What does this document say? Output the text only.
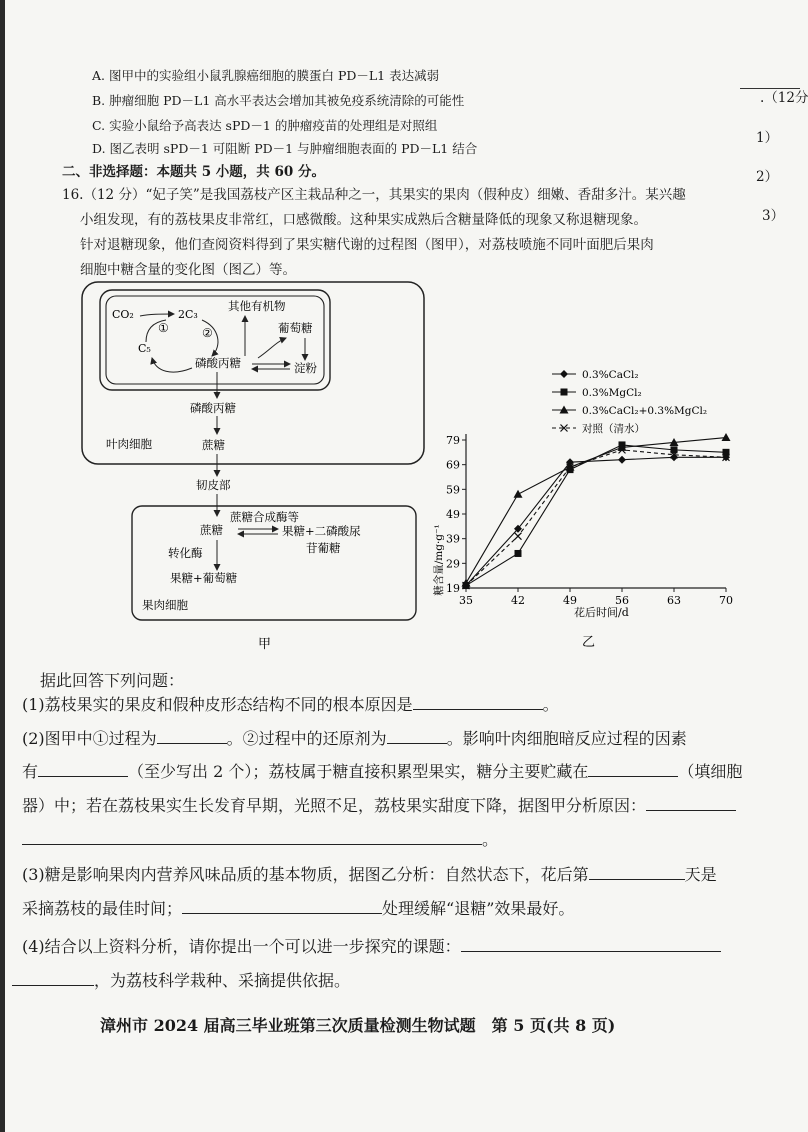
A. 图甲中的实验组小鼠乳腺癌细胞的膜蛋白 PD－L1 表达减弱
B. 肿瘤细胞 PD－L1 高水平表达会增加其被免疫系统清除的可能性
C. 实验小鼠给予高表达 sPD－1 的肿瘤疫苗的处理组是对照组
D. 图乙表明 sPD－1 可阻断 PD－1 与肿瘤细胞表面的 PD－L1 结合
二、非选择题：本题共 5 小题，共 60 分。
16.（12 分）“妃子笑”是我国荔枝产区主栽品种之一，其果实的果肉（假种皮）细嫩、香甜多汁。某兴趣
小组发现，有的荔枝果皮非常红，口感微酸。这种果实成熟后含糖量降低的现象又称退糖现象。
针对退糖现象，他们查阅资料得到了果实糖代谢的过程图（图甲），对荔枝喷施不同叶面肥后果肉
细胞中糖含量的变化图（图乙）等。
.（12分
1）
2）
3）
CO₂	2C₃
C₅
①	②
其他有机物
葡萄糖
磷酸丙糖	淀粉
磷酸丙糖
叶肉细胞	蔗糖
韧皮部
蔗糖合成酶等
蔗糖	果糖+二磷酸尿
苷葡糖
转化酶
果糖+葡萄糖
果肉细胞
甲
0.3%CaCl₂
0.3%MgCl₂
0.3%CaCl₂+0.3%MgCl₂
对照（清水）
35	42	49	56	63	70
19
29
39
49
59
69
79
糖含量/mg·g⁻¹
花后时间/d
乙
据此回答下列问题：
(1)荔枝果实的果皮和假种皮形态结构不同的根本原因是	。
(2)图甲中①过程为	。②过程中的还原剂为	。影响叶肉细胞暗反应过程的因素
有	（至少写出 2 个）；荔枝属于糖直接积累型果实，糖分主要贮藏在	（填细胞
器）中；若在荔枝果实生长发育早期，光照不足，荔枝果实甜度下降，据图甲分析原因：
。
(3)糖是影响果肉内营养风味品质的基本物质，据图乙分析：自然状态下，花后第	天是
采摘荔枝的最佳时间；	处理缓解“退糖”效果最好。
(4)结合以上资料分析，请你提出一个可以进一步探究的课题：
，为荔枝科学栽种、采摘提供依据。
漳州市 2024 届高三毕业班第三次质量检测生物试题　第 5 页(共 8 页)
